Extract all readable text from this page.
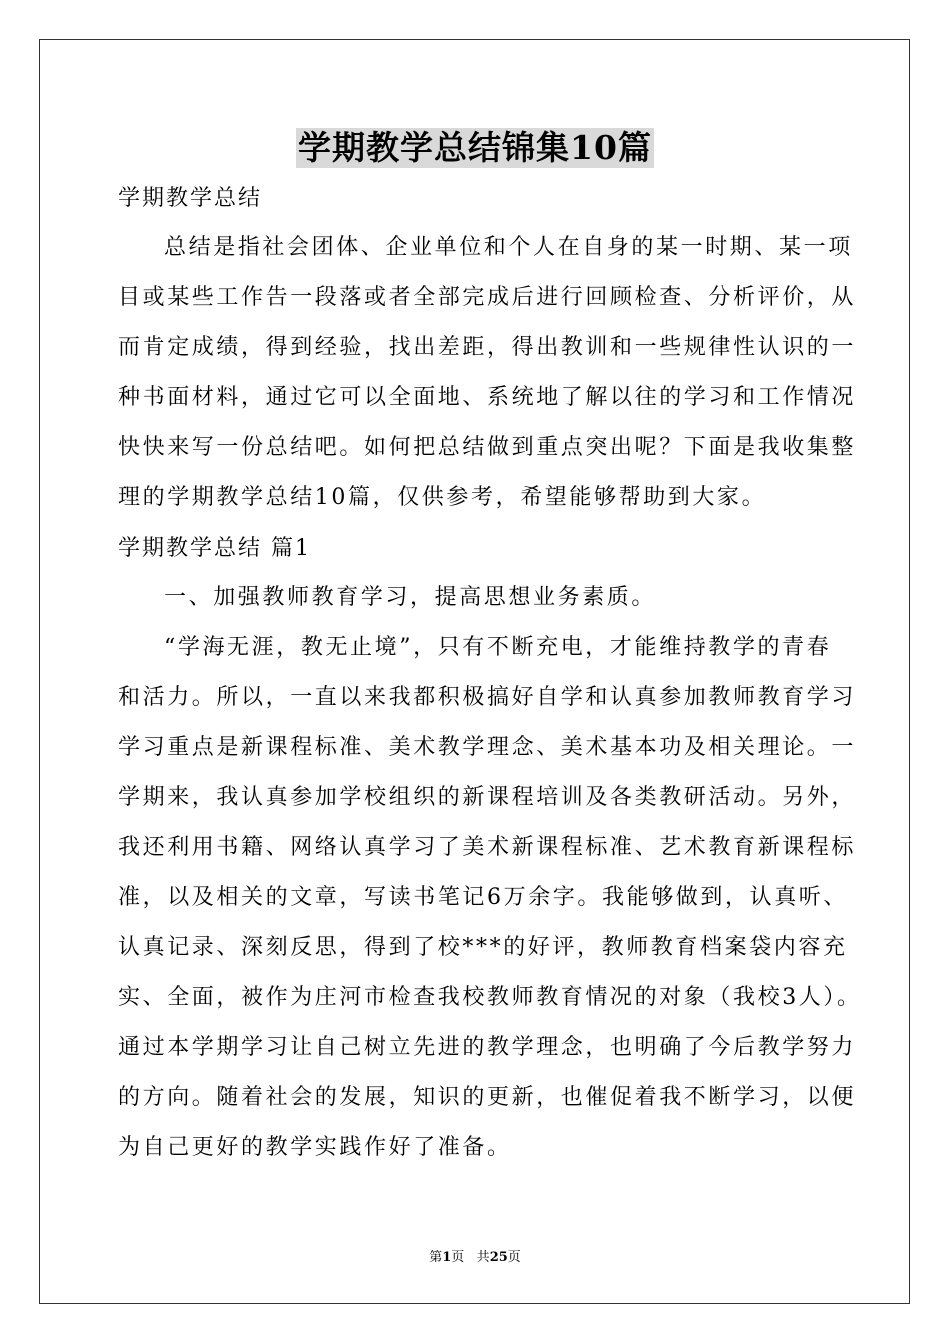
学期教学总结锦集10篇
学期教学总结
总结是指社会团体、企业单位和个人在自身的某一时期、某一项
目或某些工作告一段落或者全部完成后进行回顾检查、分析评价，从
而肯定成绩，得到经验，找出差距，得出教训和一些规律性认识的一
种书面材料，通过它可以全面地、系统地了解以往的学习和工作情况
快快来写一份总结吧。如何把总结做到重点突出呢？下面是我收集整
理的学期教学总结10篇，仅供参考，希望能够帮助到大家。
学期教学总结 篇1
一、加强教师教育学习，提高思想业务素质。
“学海无涯，教无止境”，只有不断充电，才能维持教学的青春
和活力。所以，一直以来我都积极搞好自学和认真参加教师教育学习
学习重点是新课程标准、美术教学理念、美术基本功及相关理论。一
学期来，我认真参加学校组织的新课程培训及各类教研活动。另外，
我还利用书籍、网络认真学习了美术新课程标准、艺术教育新课程标
准，以及相关的文章，写读书笔记6万余字。我能够做到，认真听、
认真记录、深刻反思，得到了校***的好评，教师教育档案袋内容充
实、全面，被作为庄河市检查我校教师教育情况的对象（我校3人）。
通过本学期学习让自己树立先进的教学理念，也明确了今后教学努力
的方向。随着社会的发展，知识的更新，也催促着我不断学习，以便
为自己更好的教学实践作好了准备。
第1页 共25页
